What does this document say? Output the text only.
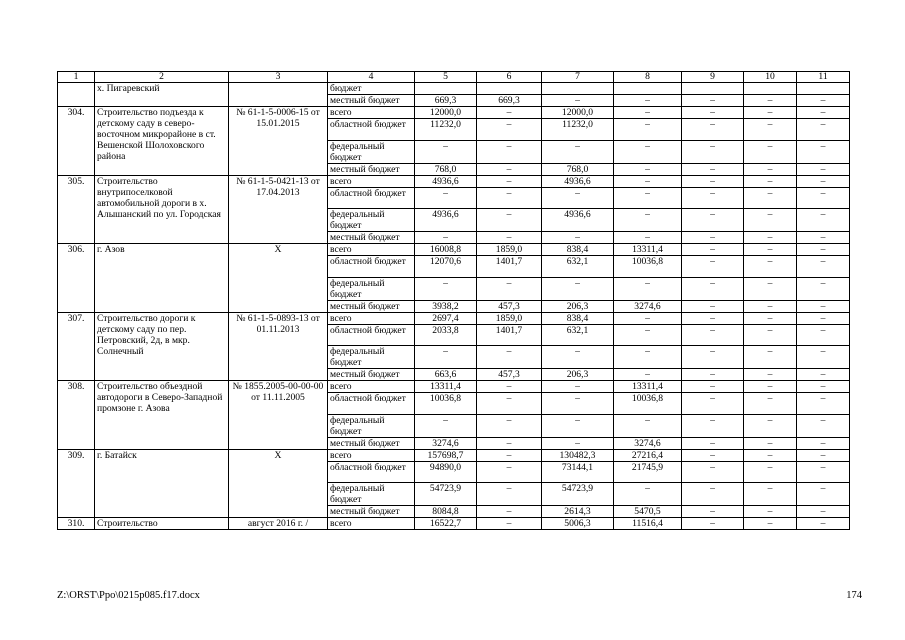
1	2	3	4	5	6	7	8	9	10	11
	х. Пигаревский		бюджет							
			местный бюджет	669,3	669,3	–	–	–	–	–
304.	Строительство подъезда к детскому саду в северо-восточном микрорайоне в ст. Вешенской Шолоховского района	№ 61-1-5-0006-15 от 15.01.2015	всего	12000,0	–	12000,0	–	–	–	–
			областной бюджет	11232,0	–	11232,0	–	–	–	–
			федеральный бюджет	–	–	–	–	–	–	–
			местный бюджет	768,0	–	768,0	–	–	–	–
305.	Строительство внутрипоселковой автомобильной дороги в х. Алышанский по ул. Городская	№ 61-1-5-0421-13 от 17.04.2013	всего	4936,6	–	4936,6	–	–	–	–
			областной бюджет	–	–	–	–	–	–	–
			федеральный бюджет	4936,6	–	4936,6	–	–	–	–
			местный бюджет	–	–	–	–	–	–	–
306.	г. Азов	Х	всего	16008,8	1859,0	838,4	13311,4	–	–	–
			областной бюджет	12070,6	1401,7	632,1	10036,8	–	–	–
			федеральный бюджет	–	–	–	–	–	–	–
			местный бюджет	3938,2	457,3	206,3	3274,6	–	–	–
307.	Строительство дороги к детскому саду по пер. Петровский, 2д, в мкр. Солнечный	№ 61-1-5-0893-13 от 01.11.2013	всего	2697,4	1859,0	838,4	–	–	–	–
			областной бюджет	2033,8	1401,7	632,1	–	–	–	–
			федеральный бюджет	–	–	–	–	–	–	–
			местный бюджет	663,6	457,3	206,3	–	–	–	–
308.	Строительство объездной автодороги в Северо-Западной промзоне г. Азова	№ 1855.2005-00-00-00 от 11.11.2005	всего	13311,4	–	–	13311,4	–	–	–
			областной бюджет	10036,8	–	–	10036,8	–	–	–
			федеральный бюджет	–	–	–	–	–	–	–
			местный бюджет	3274,6	–	–	3274,6	–	–	–
309.	г. Батайск	Х	всего	157698,7	–	130482,3	27216,4	–	–	–
			областной бюджет	94890,0	–	73144,1	21745,9	–	–	–
			федеральный бюджет	54723,9	–	54723,9	–	–	–	–
			местный бюджет	8084,8	–	2614,3	5470,5	–	–	–
310.	Строительство	август 2016 г. /	всего	16522,7	–	5006,3	11516,4	–	–	–
Z:\ORST\Ppo\0215p085.f17.docx	174
